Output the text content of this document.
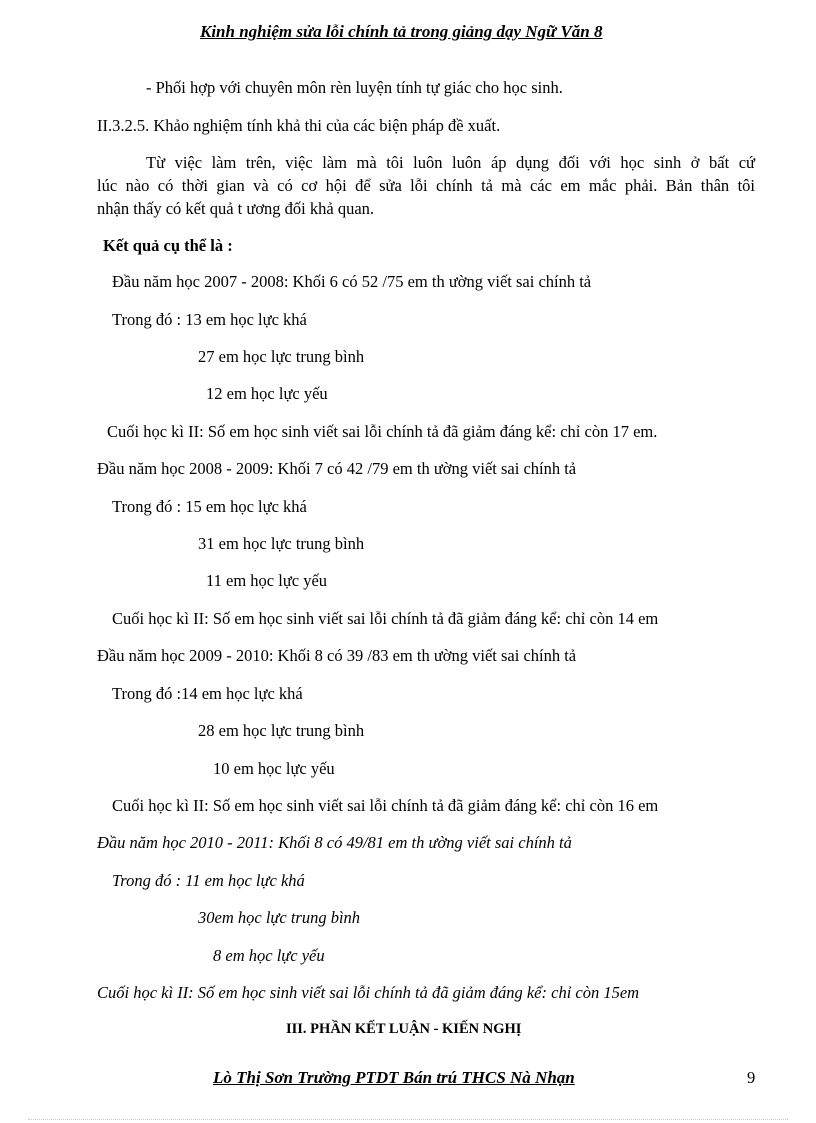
Kinh nghiệm sửa lỗi chính tả trong giảng dạy Ngữ Văn 8
- Phối hợp với chuyên môn rèn luyện tính tự giác cho học sinh.
II.3.2.5. Khảo nghiệm tính khả thi của các biện pháp đề xuất.
Từ việc làm trên, việc làm mà tôi luôn luôn áp dụng đối với học sinh ở bất cứ
lúc nào có thời gian và có cơ hội để sửa lỗi chính tả mà các em mắc phải. Bản thân tôi
nhận thấy có kết quả t ương đối khả quan.
Kết quả cụ thể là :
Đầu năm học 2007 - 2008: Khối 6 có 52 /75 em th ường viết sai chính tả
Trong đó : 13 em học lực khá
27 em học lực trung bình
12 em học lực yếu
Cuối học kì II: Số em học sinh viết sai lỗi chính tả đã giảm đáng kể: chỉ còn 17 em.
Đầu năm học 2008 - 2009: Khối 7 có 42 /79 em th ường viết sai chính tả
Trong đó : 15 em học lực khá
31 em học lực trung bình
11 em học lực yếu
Cuối học kì II: Số em học sinh viết sai lỗi chính tả đã giảm đáng kể: chỉ còn 14 em
Đầu năm học 2009 - 2010: Khối 8 có 39 /83 em th ường viết sai chính tả
Trong đó :14 em học lực khá
28 em học lực trung bình
10 em học lực yếu
Cuối học kì II: Số em học sinh viết sai lỗi chính tả đã giảm đáng kể: chỉ còn 16 em
Đầu năm học 2010 - 2011: Khối 8 có 49/81 em th ường viết sai chính tả
Trong đó : 11 em học lực khá
30em học lực trung bình
8 em học lực yếu
Cuối học kì II: Số em học sinh viết sai lỗi chính tả đã giảm đáng kể: chỉ còn 15em
III. PHẦN KẾT LUẬN - KIẾN NGHỊ
Lò Thị Sơn Trường PTDT Bán trú THCS Nà Nhạn	9
